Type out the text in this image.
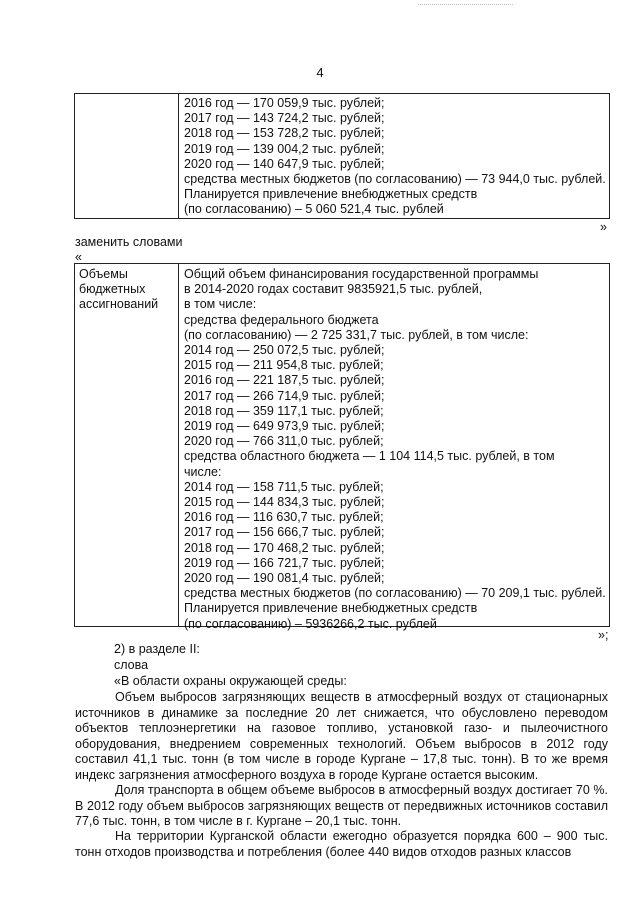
4
2016 год — 170 059,9 тыс. рублей;
2017 год — 143 724,2 тыс. рублей;
2018 год — 153 728,2 тыс. рублей;
2019 год — 139 004,2 тыс. рублей;
2020 год — 140 647,9 тыс. рублей;
средства местных бюджетов (по согласованию) — 73 944,0 тыс. рублей.
Планируется привлечение внебюджетных средств
(по согласованию) – 5 060 521,4 тыс. рублей
»
заменить словами
«
Объемы
бюджетных
ассигнований
Общий объем финансирования государственной программы
в 2014-2020 годах составит 9835921,5 тыс. рублей,
в том числе:
средства федерального бюджета
(по согласованию) — 2 725 331,7 тыс. рублей, в том числе:
2014 год — 250 072,5 тыс. рублей;
2015 год — 211 954,8 тыс. рублей;
2016 год — 221 187,5 тыс. рублей;
2017 год — 266 714,9 тыс. рублей;
2018 год — 359 117,1 тыс. рублей;
2019 год — 649 973,9 тыс. рублей;
2020 год — 766 311,0 тыс. рублей;
средства областного бюджета — 1 104 114,5 тыс. рублей, в том
числе:
2014 год — 158 711,5 тыс. рублей;
2015 год — 144 834,3 тыс. рублей;
2016 год — 116 630,7 тыс. рублей;
2017 год — 156 666,7 тыс. рублей;
2018 год — 170 468,2 тыс. рублей;
2019 год — 166 721,7 тыс. рублей;
2020 год — 190 081,4 тыс. рублей;
средства местных бюджетов (по согласованию) — 70 209,1 тыс. рублей.
Планируется привлечение внебюджетных средств
(по согласованию) – 5936266,2 тыс. рублей
»;
2) в разделе II:
слова
«В области охраны окружающей среды:
Объем выбросов загрязняющих веществ в атмосферный воздух от стационарных источников в динамике за последние 20 лет снижается, что обусловлено переводом объектов теплоэнергетики на газовое топливо, установкой газо- и пылеочистного оборудования, внедрением современных технологий. Объем выбросов в 2012 году составил 41,1 тыс. тонн (в том числе в городе Кургане – 17,8 тыс. тонн). В то же время индекс загрязнения атмосферного воздуха в городе Кургане остается высоким.
Доля транспорта в общем объеме выбросов в атмосферный воздух достигает 70 %. В 2012 году объем выбросов загрязняющих веществ от передвижных источников составил 77,6 тыс. тонн, в том числе в г. Кургане – 20,1 тыс. тонн.
На территории Курганской области ежегодно образуется порядка 600 – 900 тыс. тонн отходов производства и потребления (более 440 видов отходов разных классов
